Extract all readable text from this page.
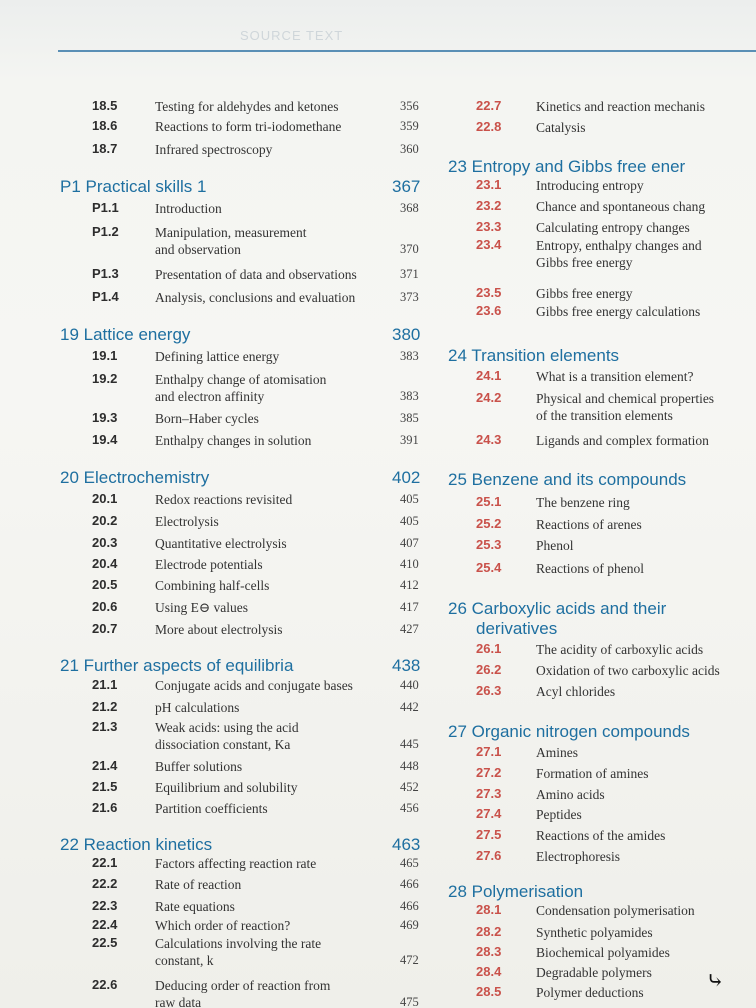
SOURCE TEXT
18.5	Testing for aldehydes and ketones	356
18.6	Reactions to form tri-iodomethane	359
18.7	Infrared spectroscopy	360
P1 Practical skills 1	367
P1.1	Introduction	368
P1.2	Manipulation, measurement
and observation	370
P1.3	Presentation of data and observations	371
P1.4	Analysis, conclusions and evaluation	373
19 Lattice energy	380
19.1	Defining lattice energy	383
19.2	Enthalpy change of atomisation
and electron affinity	383
19.3	Born–Haber cycles	385
19.4	Enthalpy changes in solution	391
20 Electrochemistry	402
20.1	Redox reactions revisited	405
20.2	Electrolysis	405
20.3	Quantitative electrolysis	407
20.4	Electrode potentials	410
20.5	Combining half-cells	412
20.6	Using E⊖ values	417
20.7	More about electrolysis	427
21 Further aspects of equilibria	438
21.1	Conjugate acids and conjugate bases	440
21.2	pH calculations	442
21.3	Weak acids: using the acid
dissociation constant, Ka	445
21.4	Buffer solutions	448
21.5	Equilibrium and solubility	452
21.6	Partition coefficients	456
22 Reaction kinetics	463
22.1	Factors affecting reaction rate	465
22.2	Rate of reaction	466
22.3	Rate equations	466
22.4	Which order of reaction?	469
22.5	Calculations involving the rate
constant, k	472
22.6	Deducing order of reaction from
raw data	475
22.7	Kinetics and reaction mechanis
22.8	Catalysis
23 Entropy and Gibbs free ener
23.1	Introducing entropy
23.2	Chance and spontaneous chang
23.3	Calculating entropy changes
23.4	Entropy, enthalpy changes and
Gibbs free energy
23.5	Gibbs free energy
23.6	Gibbs free energy calculations
24 Transition elements
24.1	What is a transition element?
24.2	Physical and chemical properties
of the transition elements
24.3	Ligands and complex formation
25 Benzene and its compounds
25.1	The benzene ring
25.2	Reactions of arenes
25.3	Phenol
25.4	Reactions of phenol
26 Carboxylic acids and their
derivatives
26.1	The acidity of carboxylic acids
26.2	Oxidation of two carboxylic acids
26.3	Acyl chlorides
27 Organic nitrogen compounds
27.1	Amines
27.2	Formation of amines
27.3	Amino acids
27.4	Peptides
27.5	Reactions of the amides
27.6	Electrophoresis
28 Polymerisation
28.1	Condensation polymerisation
28.2	Synthetic polyamides
28.3	Biochemical polyamides
28.4	Degradable polymers
28.5	Polymer deductions	⤷
